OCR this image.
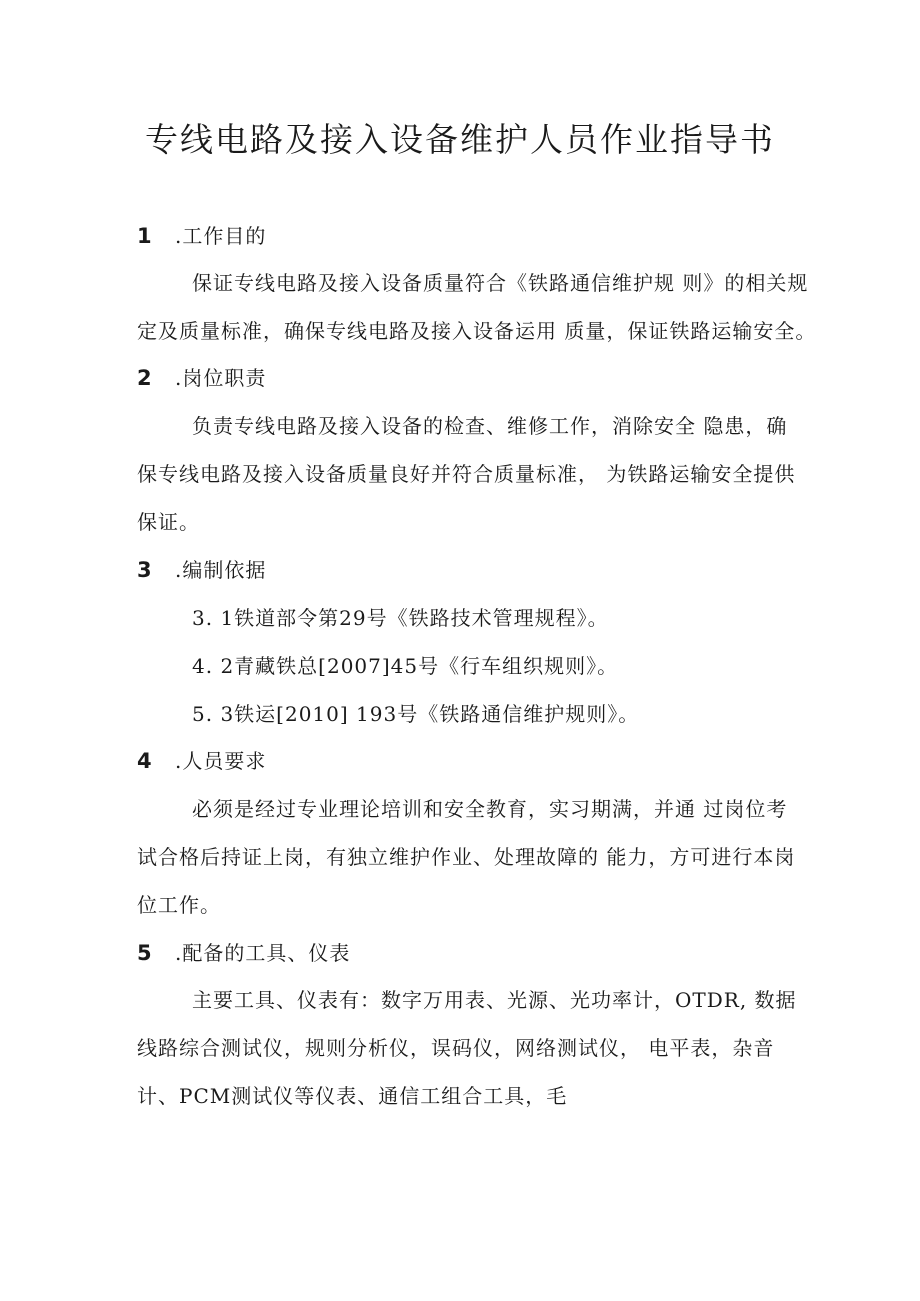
专线电路及接入设备维护人员作业指导书
1 .工作目的
保证专线电路及接入设备质量符合《铁路通信维护规 则》的相关规
定及质量标准，确保专线电路及接入设备运用 质量，保证铁路运输安全。
2 .岗位职责
负责专线电路及接入设备的检查、维修工作，消除安全 隐患，确
保专线电路及接入设备质量良好并符合质量标准， 为铁路运输安全提供
保证。
3 .编制依据
3. 1铁道部令第29号《铁路技术管理规程》。
4. 2青藏铁总[2007]45号《行车组织规则》。
5. 3铁运[2010] 193号《铁路通信维护规则》。
4 .人员要求
必须是经过专业理论培训和安全教育，实习期满，并通 过岗位考
试合格后持证上岗，有独立维护作业、处理故障的 能力，方可进行本岗
位工作。
5 .配备的工具、仪表
主要工具、仪表有：数字万用表、光源、光功率计，OTDR, 数据
线路综合测试仪，规则分析仪，误码仪，网络测试仪， 电平表，杂音
计、PCM测试仪等仪表、通信工组合工具，毛
